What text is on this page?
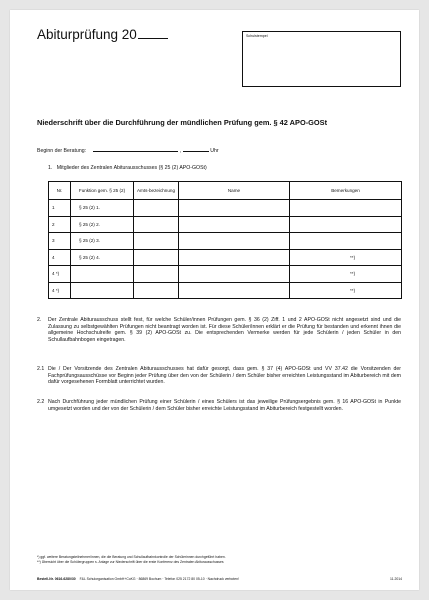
Abiturprüfung 20	Schulstempel
Niederschrift über die Durchführung der mündlichen Prüfung gem. § 42 APO-GOSt
Beginn der Beratung:	,	Uhr
1. Mitglieder des Zentralen Abiturausschusses (§ 25 (2) APO-GOSt)
Nr.	Funktion gem. § 25 (2)	Amts-bezeichnung	Name	Bemerkungen
1	§ 25 (2) 1.			
2	§ 25 (2) 2.			
3	§ 25 (2) 3.			
4	§ 25 (2) 4.			**)
4 *)				**)
4 *)				**)
2. Der Zentrale Abiturausschuss stellt fest, für welche Schüler/innen Prüfungen gem. § 36 (2) Ziff. 1 und 2 APO-GOSt nicht angesetzt sind und die Zulassung zu selbstgewählten Prüfungen nicht beantragt worden ist. Für diese Schüler/innen erklärt er die Prüfung für bestanden und erkennt ihnen die allgemeine Hochschulreife gem. § 39 (2) APO-GOSt zu. Die entsprechenden Vermerke werden für jede Schülerin / jeden Schüler in den Schullaufbahnbogen eingetragen.
2.1 Die / Der Vorsitzende des Zentralen Abiturausschusses hat dafür gesorgt, dass gem. § 37 (4) APO-GOSt und VV 37.42 die Vorsitzenden der Fachprüfungsausschüsse vor Beginn jeder Prüfung über den von der Schülerin / dem Schüler bisher erreichten Leistungsstand im Abiturbereich mit dem dafür vorgesehenen Formblatt unterrichtet wurden.
2.2 Nach Durchführung jeder mündlichen Prüfung einer Schülerin / eines Schülers ist das jeweilige Prüfungsergebnis gem. § 16 APO-GOSt in Punkte umgesetzt worden und der von der Schülerin / dem Schüler bisher erreichte Leistungsstand im Abiturbereich festgestellt worden.
*) ggf. weitere Beratungsteilnehmer/innen, die die Beratung und Schullaufbahnkontrolle der Schülerinnen durchgeführt haben.
**) Übersicht über die Schülergruppen s. Anlage zur Niederschrift über die erste Konferenz des Zentralen Abiturausschusses
Bestell-Nr. 0616-6280/30 F&L Schulorganisation GmbH+CoKG · 86869 Bochum · Telefon 025 2172 80 05-10 · Nachdruck verboten!	11.2014
